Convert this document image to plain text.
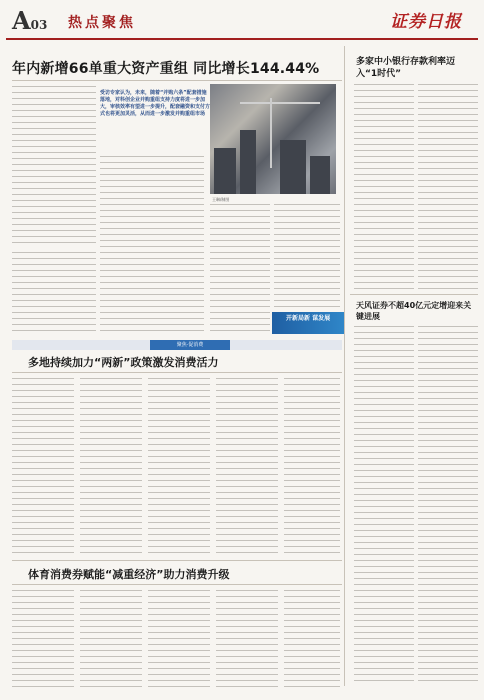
A03 热点聚焦	证券日报
年内新增66单重大资产重组 同比增长144.44%
受访专家认为，未来，随着“并购六条”配套措施落地，对科创企业并购重组支持力度将进一步加大，审核效率有望进一步提升，配套融资和支付方式也将更加灵活，从而进一步激发并购重组市场
王琳/制图
开新局新 谋发展
多家中小银行存款利率迈入“1时代”
天风证券不超40亿元定增迎来关键进展
聚焦·促消费
多地持续加力“两新”政策激发消费活力
体育消费券赋能“减重经济”助力消费升级
